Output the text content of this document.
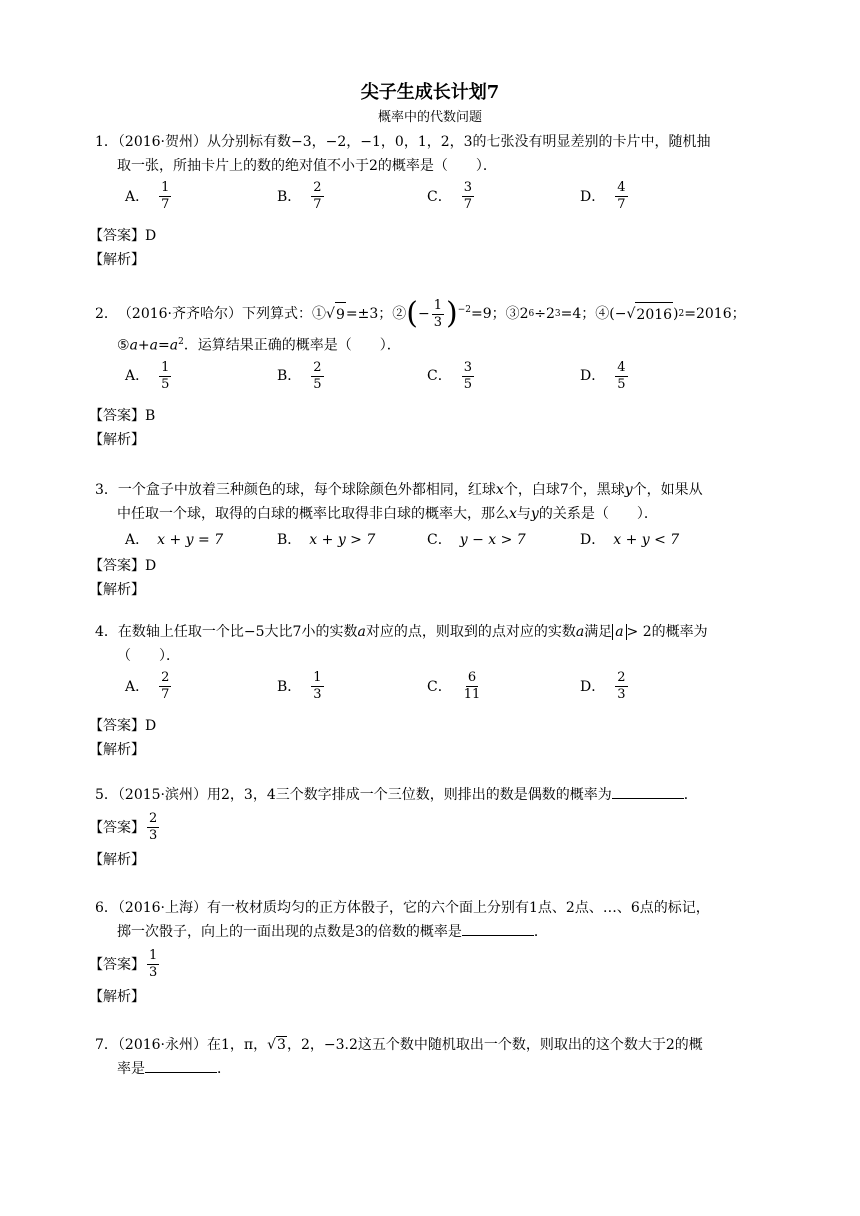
尖子生成长计划7
概率中的代数问题
1．（2016·贺州）从分别标有数−3，−2，−1，0，1，2，3的七张没有明显差别的卡片中，随机抽
取一张，所抽卡片上的数的绝对值不小于2的概率是（　　）．
A． $\frac{1}{7}$	B． $\frac{2}{7}$	C． $\frac{3}{7}$	D． $\frac{4}{7}$
【答案】 D
【解析】
2． （2016·齐齐哈尔） 下列算式：① √ 9 =±3；② ( − $\frac{1}{3} )^{-2} =9$；③ 2 6 ÷2 3 =4；④ (− √ 2016 ) 2 =2016；
$⑤a+a=a^2$．运算结果正确的概率是（　　）．
A． $\frac{1}{5}$	B． $\frac{2}{5}$	C． $\frac{3}{5}$	D． $\frac{4}{5}$
【答案】 B
【解析】
3．一个盒子中放着三种颜色的球，每个球除颜色外都相同，红球x个，白球7个，黑球y个，如果从
中任取一个球，取得的白球的概率比取得非白球的概率大，那么x与y的关系是（　　）．
A． x + y = 7	B． x + y > 7	C． y − x > 7	D． x + y < 7
【答案】 D
【解析】
4．在数轴上任取一个比−5大比7小的实数a对应的点，则取到的点对应的实数a满足 a > 2的概率为
（　　）．
A． $\frac{2}{7}$	B． $\frac{1}{3}$	C． $\frac{6}{11}$	D． $\frac{2}{3}$
【答案】 D
【解析】
5．（2015·滨州）用2，3，4三个数字排成一个三位数，则排出的数是偶数的概率为	．
【答案】 $\frac{2}{3}$
【解析】
6．（2016·上海）有一枚材质均匀的正方体骰子，它的六个面上分别有1点、2点、…、6点的标记，
掷一次骰子，向上的一面出现的点数是3的倍数的概率是	．
【答案】 $\frac{1}{3}$
【解析】
7．（2016·永州）在1，π，√3，2，−3.2这五个数中随机取出一个数，则取出的这个数大于2的概
率是	．
